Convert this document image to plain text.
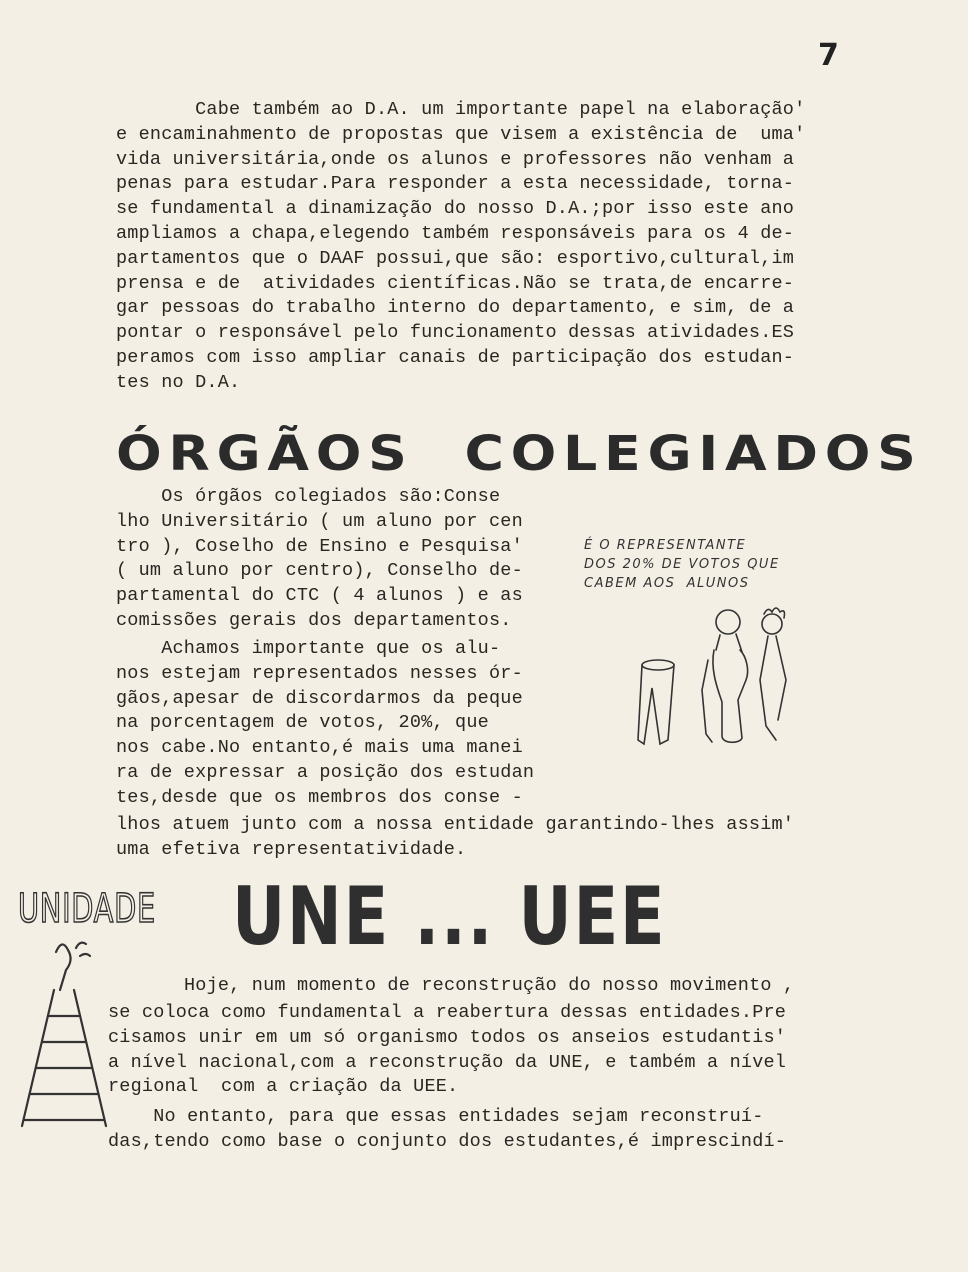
7
Cabe também ao D.A. um importante papel na elaboração'
e encaminahmento de propostas que visem a existência de  uma'
vida universitária,onde os alunos e professores não venham a
penas para estudar.Para responder a esta necessidade, torna-
se fundamental a dinamização do nosso D.A.;por isso este ano
ampliamos a chapa,elegendo também responsáveis para os 4 de-
partamentos que o DAAF possui,que são: esportivo,cultural,im
prensa e de  atividades científicas.Não se trata,de encarre-
gar pessoas do trabalho interno do departamento, e sim, de a
pontar o responsável pelo funcionamento dessas atividades.ES
peramos com isso ampliar canais de participação dos estudan-
tes no D.A.
ÓRGÃOS  COLEGIADOS
Os órgãos colegiados são:Conse
lho Universitário ( um aluno por cen
tro ), Coselho de Ensino e Pesquisa'
( um aluno por centro), Conselho de-
partamental do CTC ( 4 alunos ) e as
comissões gerais dos departamentos.
Achamos importante que os alu-
nos estejam representados nesses ór-
gãos,apesar de discordarmos da peque
na porcentagem de votos, 20%, que
nos cabe.No entanto,é mais uma manei
ra de expressar a posição dos estudan
tes,desde que os membros dos conse -
lhos atuem junto com a nossa entidade garantindo-lhes assim'
uma efetiva representatividade.
É O REPRESENTANTE
DOS 20% DE VOTOS QUE
CABEM AOS  ALUNOS
UNIDADE UNE ... UEE
Hoje, num momento de reconstrução do nosso movimento ,
se coloca como fundamental a reabertura dessas entidades.Pre
cisamos unir em um só organismo todos os anseios estudantis'
a nível nacional,com a reconstrução da UNE, e também a nível
regional  com a criação da UEE.
No entanto, para que essas entidades sejam reconstruí-
das,tendo como base o conjunto dos estudantes,é imprescindí-
